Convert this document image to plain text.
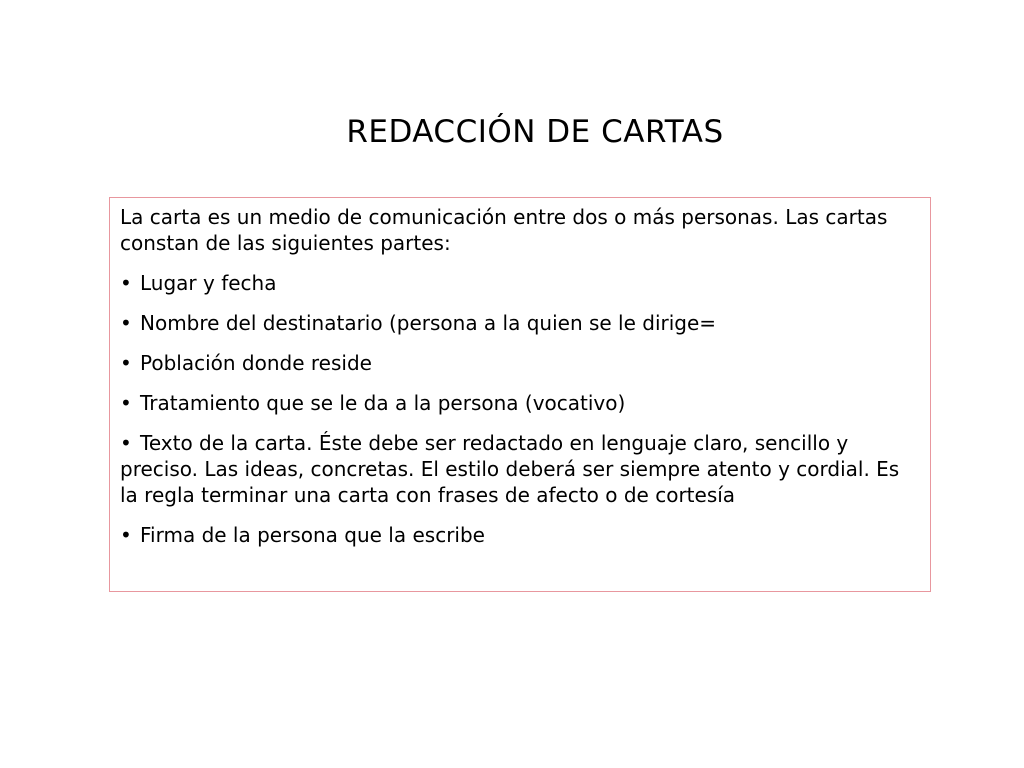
REDACCIÓN DE CARTAS

La carta es un medio de comunicación entre dos o más personas. Las cartas constan de las siguientes partes:

• Lugar y fecha
• Nombre del destinatario (persona a la quien se le dirige=
• Población donde reside
• Tratamiento que se le da a la persona (vocativo)
• Texto de la carta. Éste debe ser redactado en lenguaje claro, sencillo y preciso. Las ideas, concretas. El estilo deberá ser siempre atento y cordial. Es la regla terminar una carta con frases de afecto o de cortesía
• Firma de la persona que la escribe
